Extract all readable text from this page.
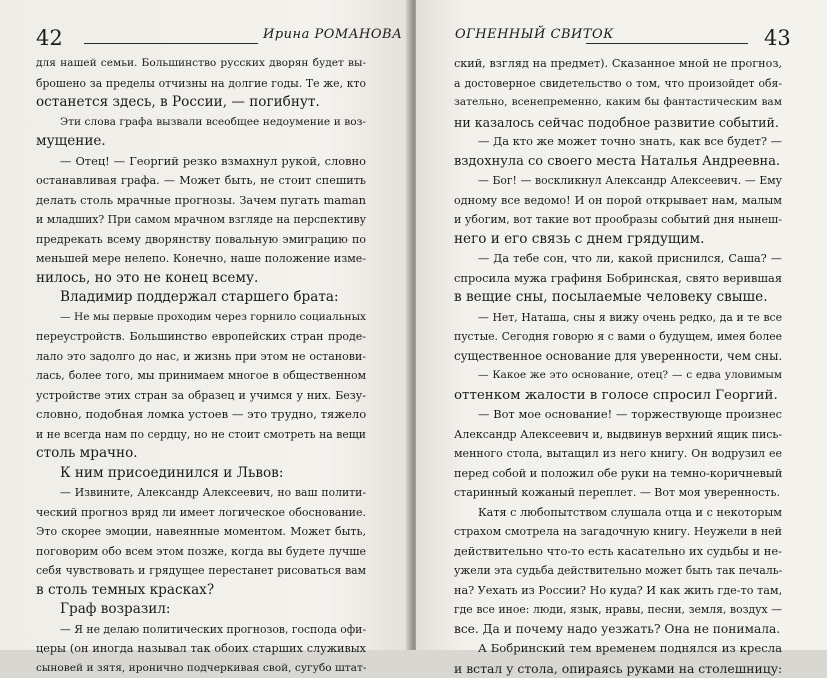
42	Ирина РОМАНОВА
для нашей семьи. Большинство русских дворян будет вы-
брошено за пределы отчизны на долгие годы. Те же, кто
останется здесь, в России, — погибнут.
Эти слова графа вызвали всеобщее недоумение и воз-
мущение.
— Отец! — Георгий резко взмахнул рукой, словно
останавливая графа. — Может быть, не стоит спешить
делать столь мрачные прогнозы. Зачем пугать maman
и младших? При самом мрачном взгляде на перспективу
предрекать всему дворянству повальную эмиграцию по
меньшей мере нелепо. Конечно, наше положение изме-
нилось, но это не конец всему.
Владимир поддержал старшего брата:
— Не мы первые проходим через горнило социальных
переустройств. Большинство европейских стран проде-
лало это задолго до нас, и жизнь при этом не останови-
лась, более того, мы принимаем многое в общественном
устройстве этих стран за образец и учимся у них. Безу-
словно, подобная ломка устоев — это трудно, тяжело
и не всегда нам по сердцу, но не стоит смотреть на вещи
столь мрачно.
К ним присоединился и Львов:
— Извините, Александр Алексеевич, но ваш полити-
ческий прогноз вряд ли имеет логическое обоснование.
Это скорее эмоции, навеянные моментом. Может быть,
поговорим обо всем этом позже, когда вы будете лучше
себя чувствовать и грядущее перестанет рисоваться вам
в столь темных красках?
Граф возразил:
— Я не делаю политических прогнозов, господа офи-
церы (он иногда называл так обоих старших служивых
сыновей и зятя, иронично подчеркивая свой, сугубо штат-
ОГНЕННЫЙ СВИТОК	43
ский, взгляд на предмет). Сказанное мной не прогноз,
а достоверное свидетельство о том, что произойдет обя-
зательно, всенепременно, каким бы фантастическим вам
ни казалось сейчас подобное развитие событий.
— Да кто же может точно знать, как все будет? —
вздохнула со своего места Наталья Андреевна.
— Бог! — воскликнул Александр Алексеевич. — Ему
одному все ведомо! И он порой открывает нам, малым
и убогим, вот такие вот прообразы событий дня нынеш-
него и его связь с днем грядущим.
— Да тебе сон, что ли, какой приснился, Саша? —
спросила мужа графиня Бобринская, свято верившая
в вещие сны, посылаемые человеку свыше.
— Нет, Наташа, сны я вижу очень редко, да и те все
пустые. Сегодня говорю я с вами о будущем, имея более
существенное основание для уверенности, чем сны.
— Какое же это основание, отец? — с едва уловимым
оттенком жалости в голосе спросил Георгий.
— Вот мое основание! — торжествующе произнес
Александр Алексеевич и, выдвинув верхний ящик пись-
менного стола, вытащил из него книгу. Он водрузил ее
перед собой и положил обе руки на темно-коричневый
старинный кожаный переплет. — Вот моя уверенность.
Катя с любопытством слушала отца и с некоторым
страхом смотрела на загадочную книгу. Неужели в ней
действительно что-то есть касательно их судьбы и не-
ужели эта судьба действительно может быть так печаль-
на? Уехать из России? Но куда? И как жить где-то там,
где все иное: люди, язык, нравы, песни, земля, воздух —
все. Да и почему надо уезжать? Она не понимала.
А Бобринский тем временем поднялся из кресла
и встал у стола, опираясь руками на столешницу:
